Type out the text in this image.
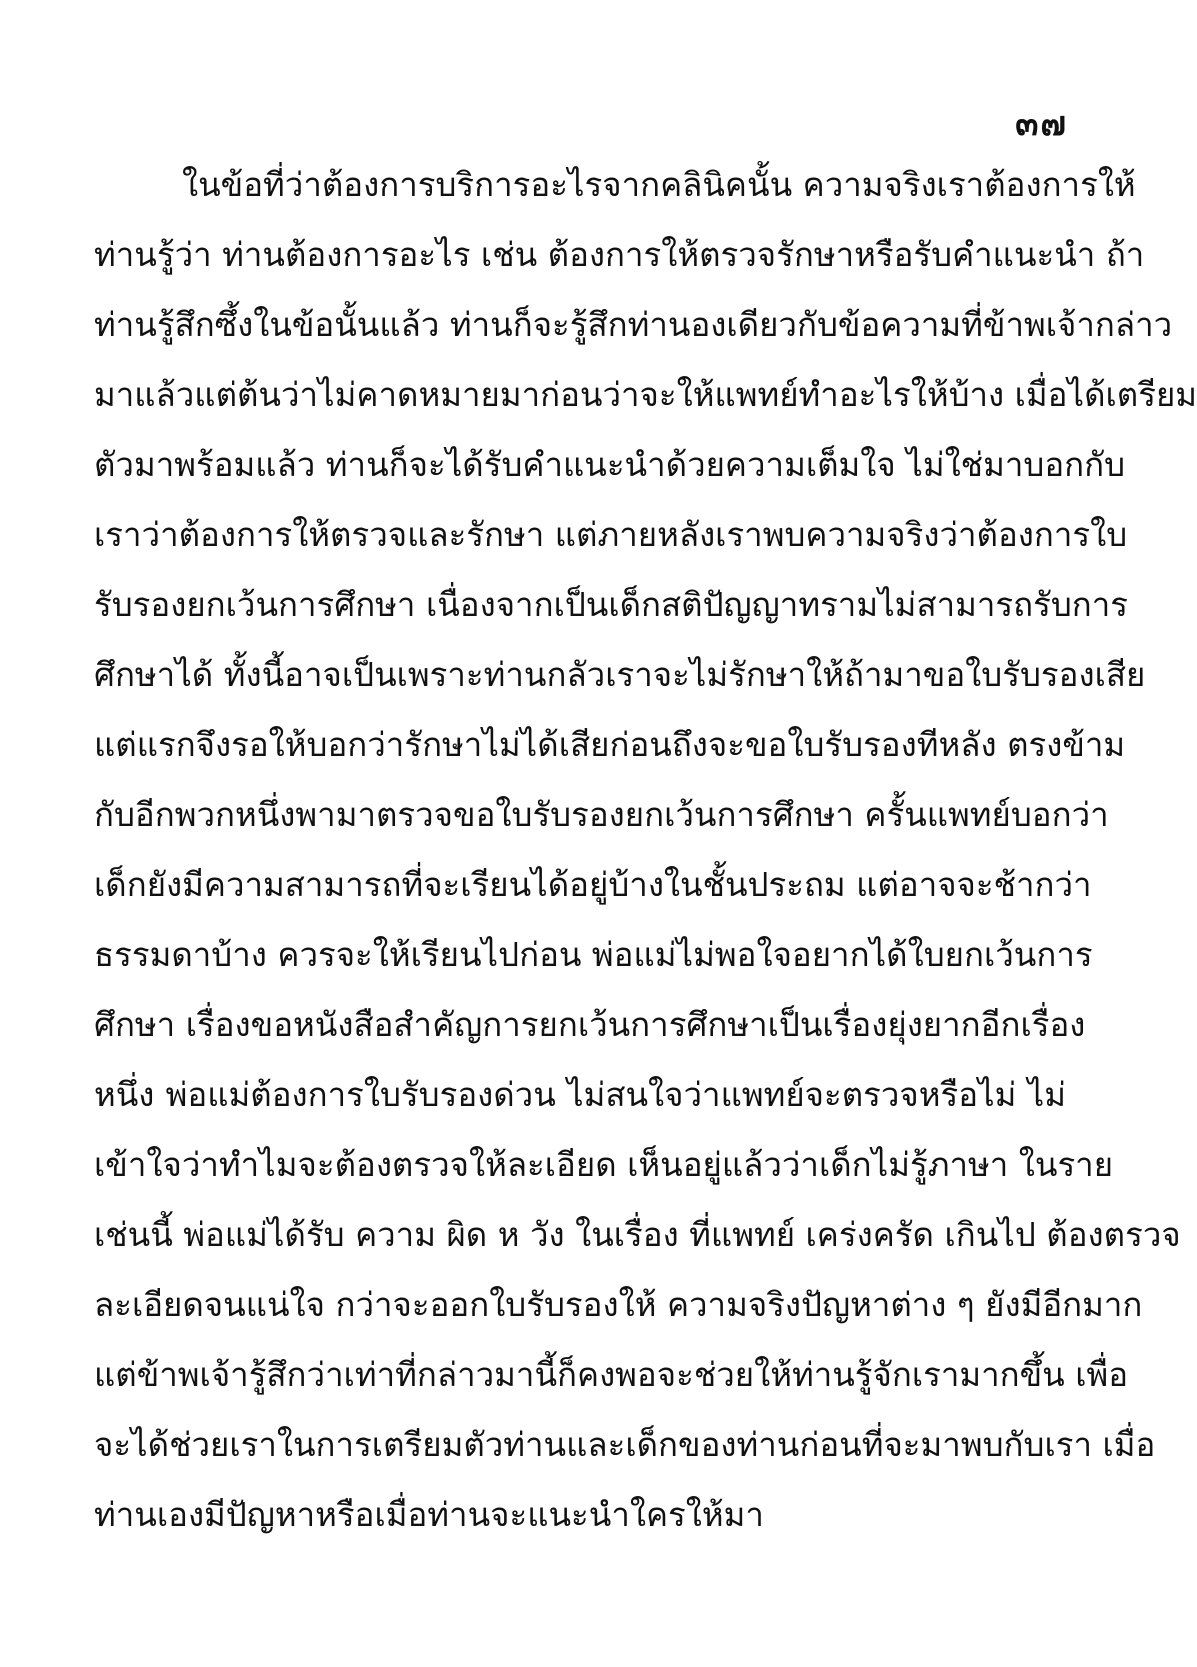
๓๗
ในข้อที่ว่าต้องการบริการอะไรจากคลินิคนั้น ความจริงเราต้องการให้
ท่านรู้ว่า ท่านต้องการอะไร เช่น ต้องการให้ตรวจรักษาหรือรับคำแนะนำ ถ้า
ท่านรู้สึกซึ้งในข้อนั้นแล้ว ท่านก็จะรู้สึกท่านองเดียวกับข้อความที่ข้าพเจ้ากล่าว
มาแล้วแต่ต้นว่าไม่คาดหมายมาก่อนว่าจะให้แพทย์ทำอะไรให้บ้าง เมื่อได้เตรียม
ตัวมาพร้อมแล้ว ท่านก็จะได้รับคำแนะนำด้วยความเต็มใจ ไม่ใช่มาบอกกับ
เราว่าต้องการให้ตรวจและรักษา แต่ภายหลังเราพบความจริงว่าต้องการใบ
รับรองยกเว้นการศึกษา เนื่องจากเป็นเด็กสติปัญญาทรามไม่สามารถรับการ
ศึกษาได้ ทั้งนี้อาจเป็นเพราะท่านกลัวเราจะไม่รักษาให้ถ้ามาขอใบรับรองเสีย
แต่แรกจึงรอให้บอกว่ารักษาไม่ได้เสียก่อนถึงจะขอใบรับรองทีหลัง ตรงข้าม
กับอีกพวกหนึ่งพามาตรวจขอใบรับรองยกเว้นการศึกษา ครั้นแพทย์บอกว่า
เด็กยังมีความสามารถที่จะเรียนได้อยู่บ้างในชั้นประถม แต่อาจจะช้ากว่า
ธรรมดาบ้าง ควรจะให้เรียนไปก่อน พ่อแม่ไม่พอใจอยากได้ใบยกเว้นการ
ศึกษา เรื่องขอหนังสือสำคัญการยกเว้นการศึกษาเป็นเรื่องยุ่งยากอีกเรื่อง
หนึ่ง พ่อแม่ต้องการใบรับรองด่วน ไม่สนใจว่าแพทย์จะตรวจหรือไม่ ไม่
เข้าใจว่าทำไมจะต้องตรวจให้ละเอียด เห็นอยู่แล้วว่าเด็กไม่รู้ภาษา ในราย
เช่นนี้ พ่อแม่ได้รับ ความ ผิด ห วัง ในเรื่อง ที่แพทย์ เคร่งครัด เกินไป ต้องตรวจ
ละเอียดจนแน่ใจ กว่าจะออกใบรับรองให้ ความจริงปัญหาต่าง ๆ ยังมีอีกมาก
แต่ข้าพเจ้ารู้สึกว่าเท่าที่กล่าวมานี้ก็คงพอจะช่วยให้ท่านรู้จักเรามากขึ้น เพื่อ
จะได้ช่วยเราในการเตรียมตัวท่านและเด็กของท่านก่อนที่จะมาพบกับเรา เมื่อ
ท่านเองมีปัญหาหรือเมื่อท่านจะแนะนำใครให้มา
